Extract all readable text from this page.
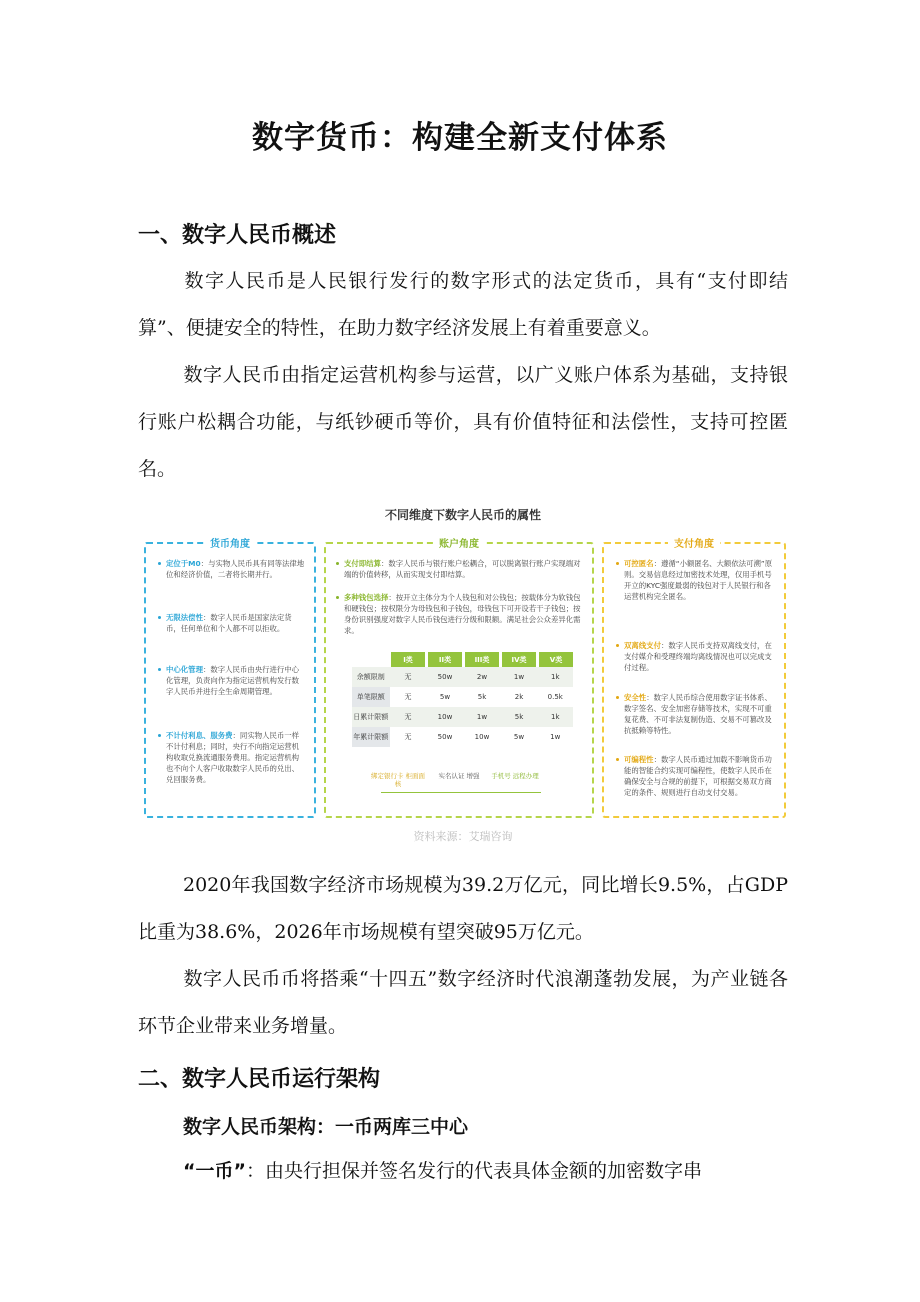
数字货币：构建全新支付体系
一、数字人民币概述
数字人民币是人民银行发行的数字形式的法定货币，具有“支付即结算”、便捷安全的特性，在助力数字经济发展上有着重要意义。
数字人民币由指定运营机构参与运营，以广义账户体系为基础，支持银行账户松耦合功能，与纸钞硬币等价，具有价值特征和法偿性，支持可控匿名。
不同维度下数字人民币的属性
货币角度
定位于M0：与实物人民币具有同等法律地位和经济价值，二者将长期并行。
无限法偿性：数字人民币是国家法定货币，任何单位和个人都不可以拒收。
中心化管理：数字人民币由央行进行中心化管理，负责向作为指定运营机构发行数字人民币并进行全生命周期管理。
不计付利息、服务费：同实物人民币一样不计付利息；同时，央行不向指定运营机构收取兑换流通服务费用。指定运营机构也不向个人客户收取数字人民币的兑出、兑回服务费。
账户角度
支付即结算：数字人民币与银行账户松耦合，可以脱离银行账户实现端对端的价值转移，从而实现支付即结算。
多种钱包选择：按开立主体分为个人钱包和对公钱包；按载体分为软钱包和硬钱包；按权限分为母钱包和子钱包，母钱包下可开设若干子钱包；按身份识别强度对数字人民币钱包进行分级和限额。满足社会公众差异化需求。
	I类	II类	III类	IV类	V类
余额限制	无	50w	2w	1w	1k
单笔限额	无	5w	5k	2k	0.5k
日累计限额	无	10w	1w	5k	1k
年累计限额	无	50w	10w	5w	1w
绑定银行卡 柜面面核
实名认证 增强	手机号 远程办理
支付角度
可控匿名：遵循“小额匿名、大额依法可溯”原则。交易信息经过加密技术处理，仅用手机号开立的KYC强度最弱的钱包对于人民银行和各运营机构完全匿名。
双离线支付：数字人民币支持双离线支付，在支付媒介和受理终端均离线情况也可以完成支付过程。
安全性：数字人民币综合使用数字证书体系、数字签名、安全加密存储等技术，实现不可重复花费、不可非法复制伪造、交易不可篡改及抗抵赖等特性。
可编程性：数字人民币通过加载不影响货币功能的智能合约实现可编程性，使数字人民币在确保安全与合规的前提下，可根据交易双方商定的条件、规则进行自动支付交易。
资料来源：艾瑞咨询
2020年我国数字经济市场规模为39.2万亿元，同比增长9.5%，占GDP比重为38.6%，2026年市场规模有望突破95万亿元。
数字人民币币将搭乘“十四五”数字经济时代浪潮蓬勃发展，为产业链各环节企业带来业务增量。
二、数字人民币运行架构
数字人民币架构：一币两库三中心
“一币”：由央行担保并签名发行的代表具体金额的加密数字串
